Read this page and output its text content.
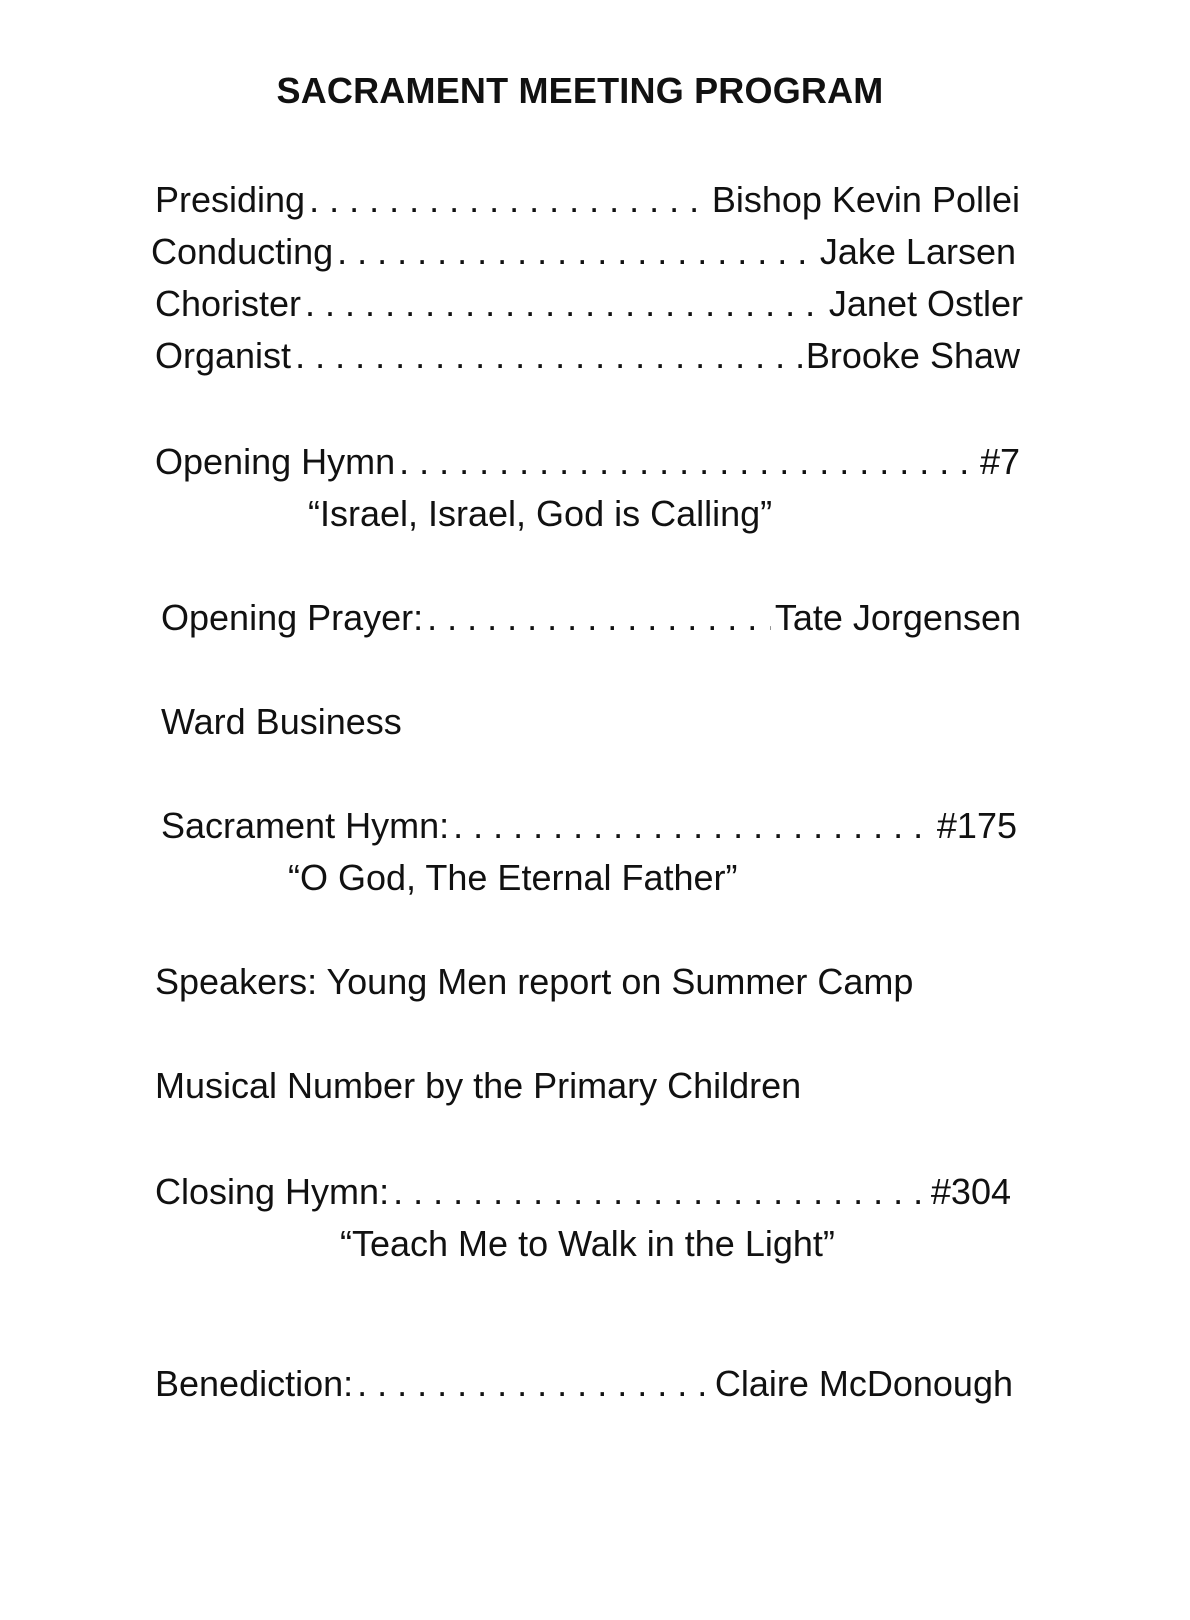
SACRAMENT MEETING PROGRAM
Presiding . . .	Bishop Kevin Pollei
Conducting . . .	Jake Larsen
Chorister . . .	Janet Ostler
Organist . . .	Brooke Shaw
Opening Hymn . . .	#7
“Israel, Israel, God is Calling”
Opening Prayer: . . .	Tate Jorgensen
Ward Business
Sacrament Hymn: . . .	#175
“O God, The Eternal Father”
Speakers: Young Men report on Summer Camp
Musical Number by the Primary Children
Closing Hymn: . . .	#304
“Teach Me to Walk in the Light”
Benediction: . . .	Claire McDonough
